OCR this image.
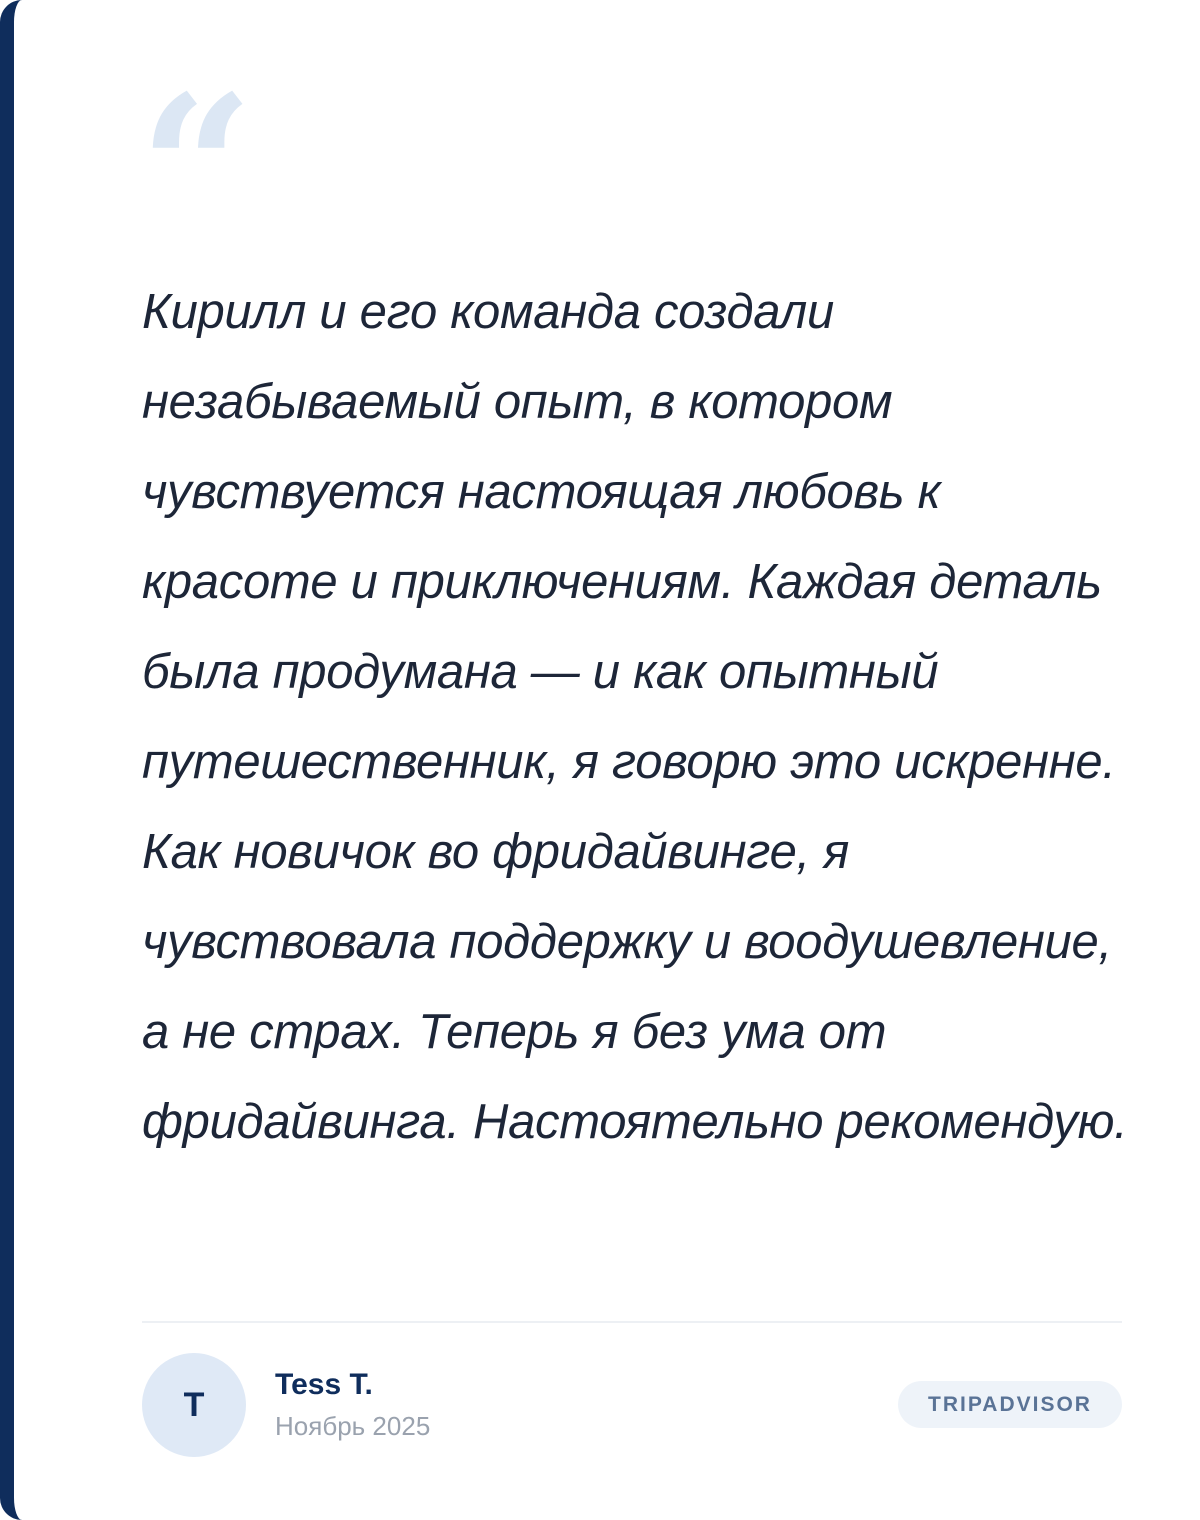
“

Кирилл и его команда создали незабываемый опыт, в котором чувствуется настоящая любовь к красоте и приключениям. Каждая деталь была продумана — и как опытный путешественник, я говорю это искренне. Как новичок во фридайвинге, я чувствовала поддержку и воодушевление, а не страх. Теперь я без ума от фридайвинга. Настоятельно рекомендую.

T
Tess T.
Ноябрь 2025
TRIPADVISOR
